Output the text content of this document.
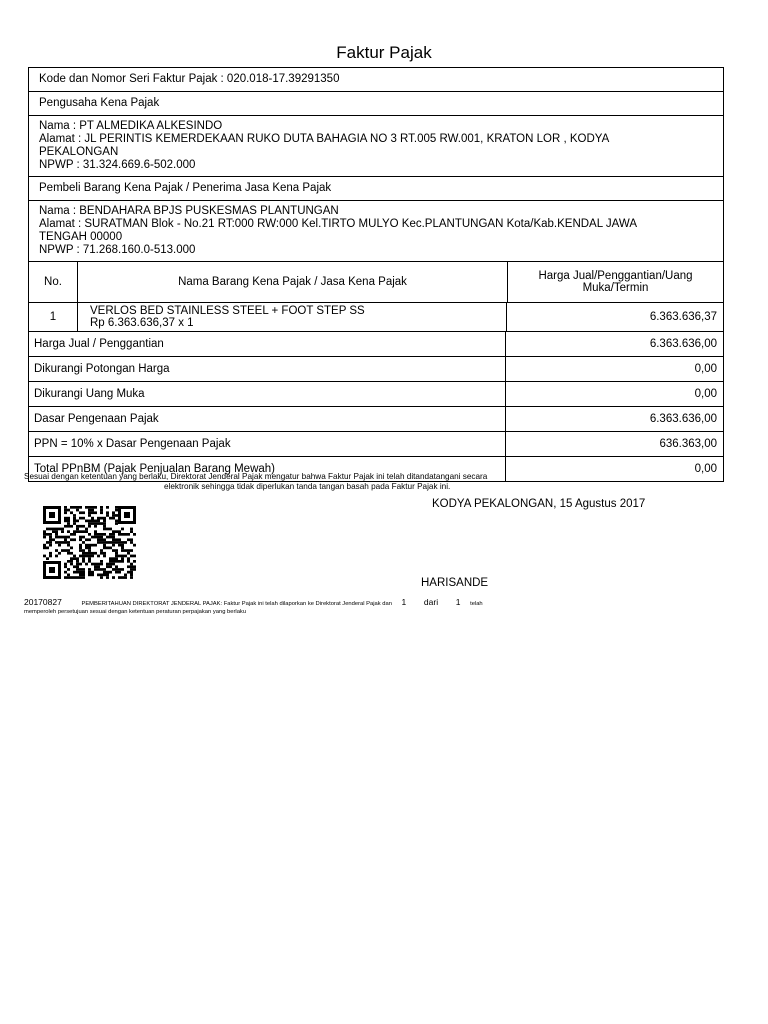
Faktur Pajak
Kode dan Nomor Seri Faktur Pajak : 020.018-17.39291350
Pengusaha Kena Pajak
Nama : PT ALMEDIKA ALKESINDO
Alamat : JL PERINTIS KEMERDEKAAN RUKO DUTA BAHAGIA NO 3 RT.005 RW.001, KRATON LOR , KODYA
PEKALONGAN
NPWP : 31.324.669.6-502.000
Pembeli Barang Kena Pajak / Penerima Jasa Kena Pajak
Nama : BENDAHARA BPJS PUSKESMAS PLANTUNGAN
Alamat : SURATMAN Blok - No.21 RT:000 RW:000 Kel.TIRTO MULYO Kec.PLANTUNGAN Kota/Kab.KENDAL JAWA
TENGAH 00000
NPWP : 71.268.160.0-513.000
No.	Nama Barang Kena Pajak / Jasa Kena Pajak	Harga Jual/Penggantian/Uang
Muka/Termin
1	VERLOS BED STAINLESS STEEL + FOOT STEP SS
Rp 6.363.636,37 x 1	6.363.636,37
Harga Jual / Penggantian	6.363.636,00
Dikurangi Potongan Harga	0,00
Dikurangi Uang Muka	0,00
Dasar Pengenaan Pajak	6.363.636,00
PPN = 10% x Dasar Pengenaan Pajak	636.363,00
Total PPnBM (Pajak Penjualan Barang Mewah)	0,00
Sesuai dengan ketentuan yang berlaku, Direktorat Jenderal Pajak mengatur bahwa Faktur Pajak ini telah ditandatangani secara
elektronik sehingga tidak diperlukan tanda tangan basah pada Faktur Pajak ini.
KODYA PEKALONGAN, 15 Agustus 2017
HARISANDE
20170827	PEMBERITAHUAN DIREKTORAT JENDERAL PAJAK: Faktur Pajak ini telah dilaporkan ke Direktorat Jenderal Pajak dan 1 dari 1 telah
memperoleh persetujuan sesuai dengan ketentuan peraturan perpajakan yang berlaku
